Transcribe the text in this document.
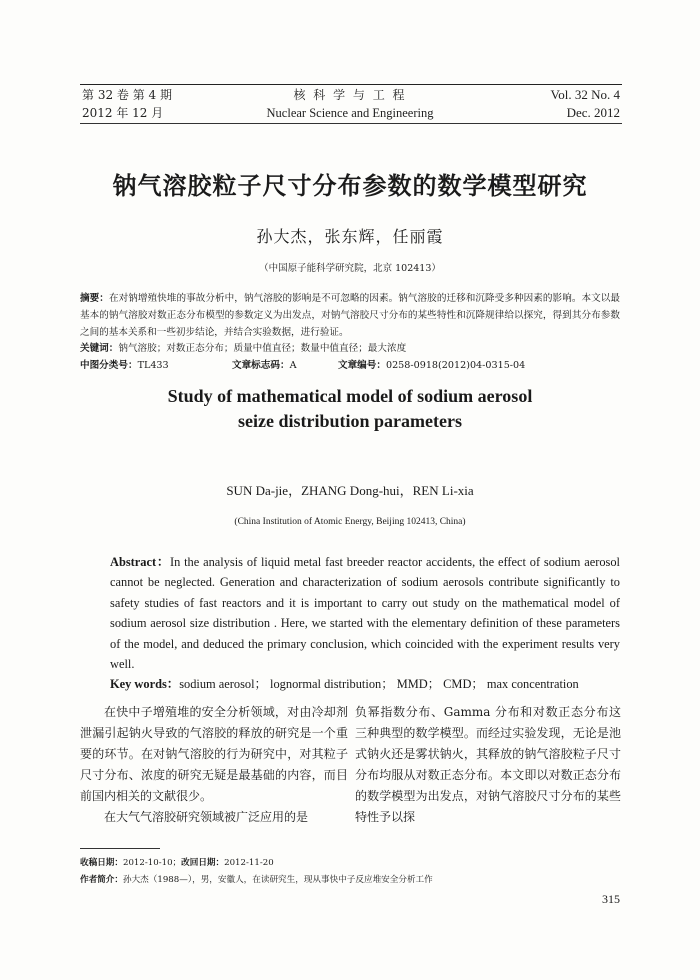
第 32 卷 第 4 期

2012 年 12 月

核 科 学 与 工 程

Nuclear Science and Engineering

Vol. 32 No. 4

Dec. 2012

钠气溶胶粒子尺寸分布参数的数学模型研究
孙大杰，张东辉，任丽霞
（中国原子能科学研究院，北京 102413）

摘要：在对钠增殖快堆的事故分析中，钠气溶胶的影响是不可忽略的因素。钠气溶胶的迁移和沉降受多种因素的影响。本文以最基本的钠气溶胶对数正态分布模型的参数定义为出发点，对钠气溶胶尺寸分布的某些特性和沉降规律给以探究，得到其分布参数之间的基本关系和一些初步结论，并结合实验数据，进行验证。

关键词：钠气溶胶；对数正态分布；质量中值直径；数量中值直径；最大浓度

中图分类号：TL433	文章标志码：A	文章编号：0258-0918(2012)04-0315-04

Study of mathematical model of sodium aerosol
seize distribution parameters
SUN Da-jie，ZHANG Dong-hui，REN Li-xia
(China Institution of Atomic Energy, Beijing 102413, China)

Abstract：In the analysis of liquid metal fast breeder reactor accidents, the effect of sodium aerosol cannot be neglected. Generation and characterization of sodium aerosols contribute significantly to safety studies of fast reactors and it is important to carry out study on the mathematical model of sodium aerosol size distribution . Here, we started with the elementary definition of these parameters of the model, and deduced the primary conclusion, which coincided with the experiment results very well.

Key words：sodium aerosol； lognormal distribution； MMD； CMD； max concentration

在快中子增殖堆的安全分析领域，对由冷却剂泄漏引起钠火导致的气溶胶的释放的研究是一个重要的环节。在对钠气溶胶的行为研究中，对其粒子尺寸分布、浓度的研究无疑是最基础的内容，而目前国内相关的文献很少。

在大气气溶胶研究领域被广泛应用的是

负幂指数分布、Gamma 分布和对数正态分布这三种典型的数学模型。而经过实验发现，无论是池式钠火还是雾状钠火，其释放的钠气溶胶粒子尺寸分布均服从对数正态分布。本文即以对数正态分布的数学模型为出发点，对钠气溶胶尺寸分布的某些特性予以探

收稿日期：2012-10-10；改回日期：2012-11-20

作者简介：孙大杰（1988—），男，安徽人，在读研究生，现从事快中子反应堆安全分析工作

315
